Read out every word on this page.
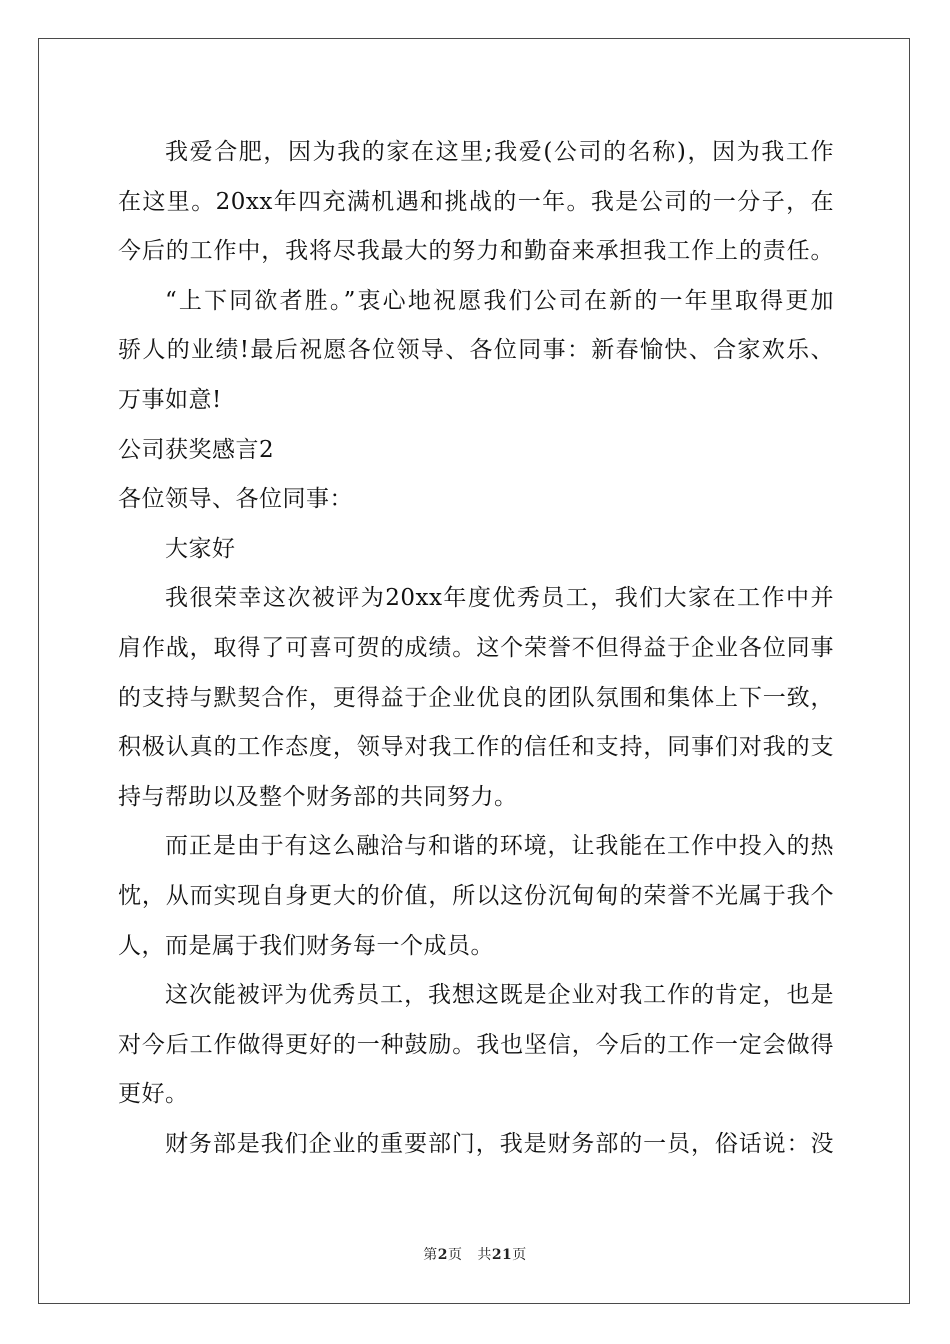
我爱合肥，因为我的家在这里;我爱(公司的名称)，因为我工作
在这里。20xx年四充满机遇和挑战的一年。我是公司的一分子，在
今后的工作中，我将尽我最大的努力和勤奋来承担我工作上的责任。
“上下同欲者胜。”衷心地祝愿我们公司在新的一年里取得更加
骄人的业绩!最后祝愿各位领导、各位同事：新春愉快、合家欢乐、
万事如意!
公司获奖感言2
各位领导、各位同事：
大家好
我很荣幸这次被评为20xx年度优秀员工，我们大家在工作中并
肩作战，取得了可喜可贺的成绩。这个荣誉不但得益于企业各位同事
的支持与默契合作，更得益于企业优良的团队氛围和集体上下一致，
积极认真的工作态度，领导对我工作的信任和支持，同事们对我的支
持与帮助以及整个财务部的共同努力。
而正是由于有这么融洽与和谐的环境，让我能在工作中投入的热
忱，从而实现自身更大的价值，所以这份沉甸甸的荣誉不光属于我个
人，而是属于我们财务每一个成员。
这次能被评为优秀员工，我想这既是企业对我工作的肯定，也是
对今后工作做得更好的一种鼓励。我也坚信，今后的工作一定会做得
更好。
财务部是我们企业的重要部门，我是财务部的一员，俗话说：没
第2页 共21页
